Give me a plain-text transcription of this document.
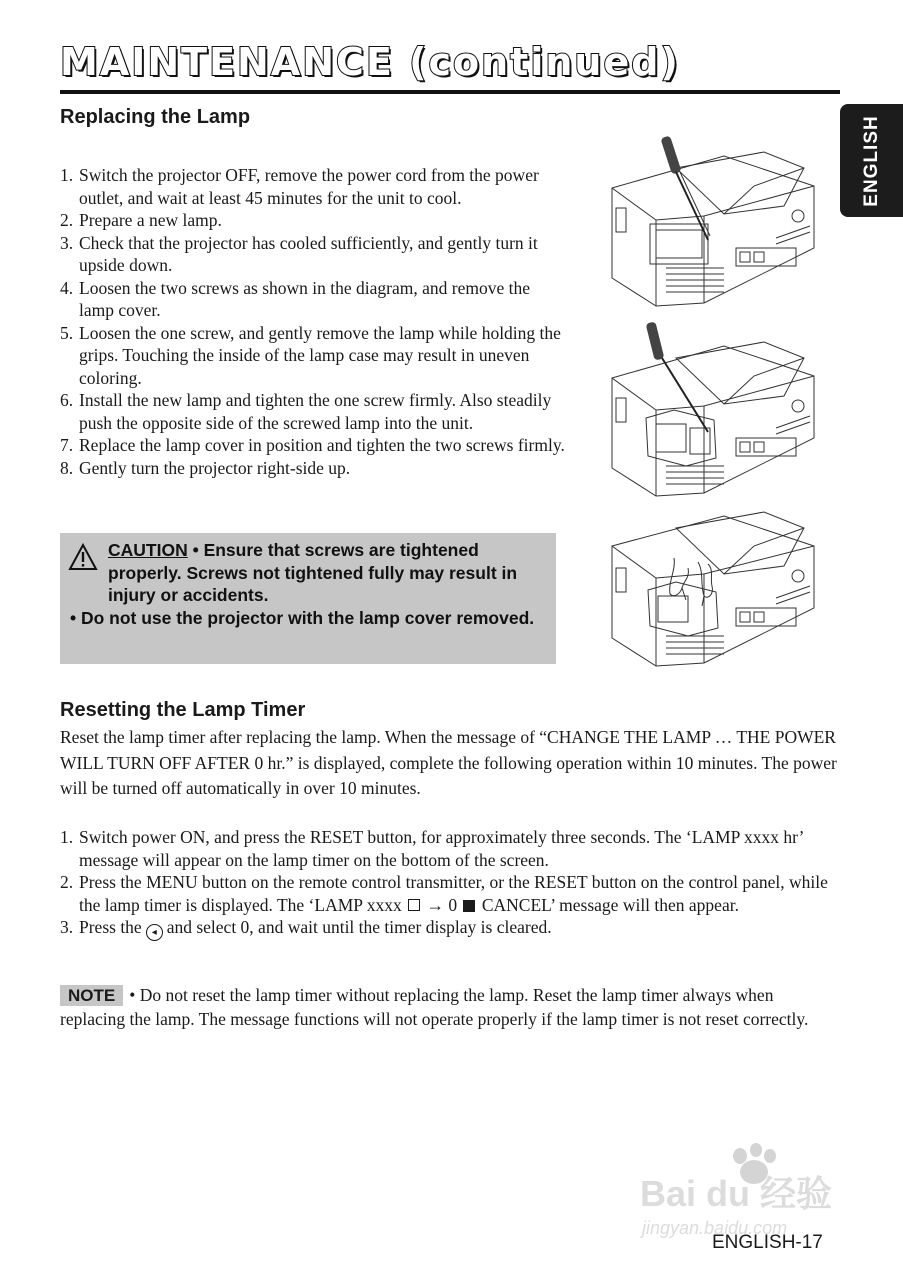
MAINTENANCE (continued)
ENGLISH
Replacing the Lamp
1. Switch the projector OFF, remove the power cord from the power outlet, and wait at least 45 minutes for the unit to cool.
2. Prepare a new lamp.
3. Check that the projector has cooled sufficiently, and gently turn it upside down.
4. Loosen the two screws as shown in the diagram, and remove the lamp cover.
5. Loosen the one screw, and gently remove the lamp while holding the grips. Touching the inside of the lamp case may result in uneven coloring.
6. Install the new lamp and tighten the one screw firmly. Also steadily push the opposite side of the screwed lamp into the unit.
7. Replace the lamp cover in position and tighten the two screws firmly.
8. Gently turn the projector right-side up.
CAUTION • Ensure that screws are tightened properly. Screws not tightened fully may result in injury or accidents.
• Do not use the projector with the lamp cover removed.
Resetting the Lamp Timer

Reset the lamp timer after replacing the lamp. When the message of “CHANGE THE LAMP … THE POWER WILL TURN OFF AFTER 0 hr.” is displayed, complete the following operation within 10 minutes. The power will be turned off automatically in over 10 minutes.

1. Switch power ON, and press the RESET button, for approximately three seconds. The ‘LAMP xxxx hr’ message will appear on the lamp timer on the bottom of the screen.
2. Press the MENU button on the remote control transmitter, or the RESET button on the control panel, while the lamp timer is displayed. The ‘LAMP xxxx  → 0  CANCEL’ message will then appear.
3. Press the ◂ and select 0, and wait until the timer display is cleared.

NOTE • Do not reset the lamp timer without replacing the lamp. Reset the lamp timer always when replacing the lamp. The message functions will not operate properly if the lamp timer is not reset correctly.

Bai du 经验
jingyan.baidu.com
ENGLISH-17
